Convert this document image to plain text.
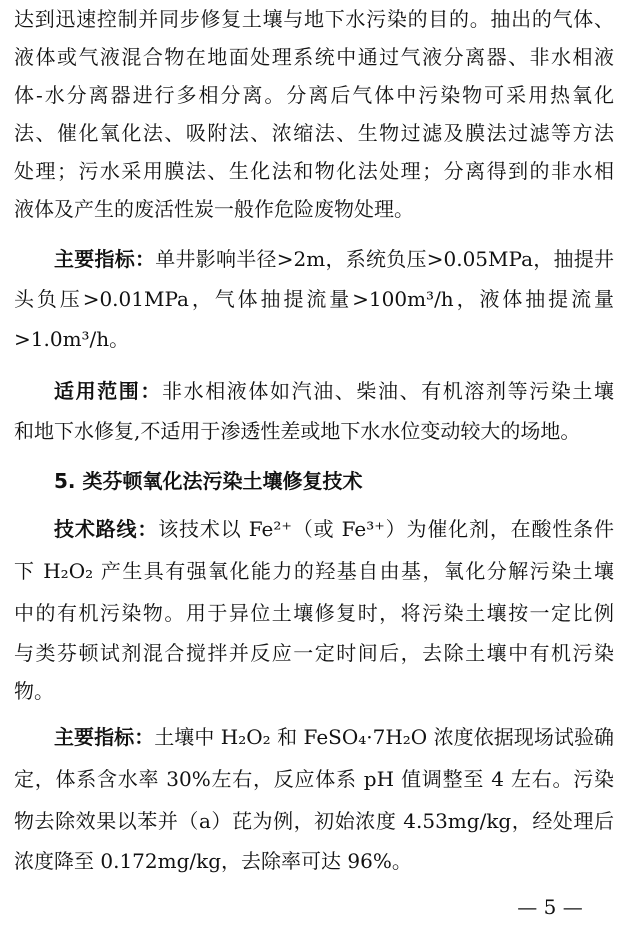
达到迅速控制并同步修复土壤与地下水污染的目的。抽出的气体、
液体或气液混合物在地面处理系统中通过气液分离器、非水相液
体-水分离器进行多相分离。分离后气体中污染物可采用热氧化
法、催化氧化法、吸附法、浓缩法、生物过滤及膜法过滤等方法
处理；污水采用膜法、生化法和物化法处理；分离得到的非水相
液体及产生的废活性炭一般作危险废物处理。
主要指标：单井影响半径>2m，系统负压>0.05MPa，抽提井
头负压>0.01MPa，气体抽提流量>100m³/h，液体抽提流量
>1.0m³/h。
适用范围：非水相液体如汽油、柴油、有机溶剂等污染土壤
和地下水修复,不适用于渗透性差或地下水水位变动较大的场地。
5. 类芬顿氧化法污染土壤修复技术
技术路线：该技术以 Fe²⁺（或 Fe³⁺）为催化剂，在酸性条件
下 H₂O₂ 产生具有强氧化能力的羟基自由基，氧化分解污染土壤
中的有机污染物。用于异位土壤修复时，将污染土壤按一定比例
与类芬顿试剂混合搅拌并反应一定时间后，去除土壤中有机污染
物。
主要指标：土壤中 H₂O₂ 和 FeSO₄·7H₂O 浓度依据现场试验确
定，体系含水率 30%左右，反应体系 pH 值调整至 4 左右。污染
物去除效果以苯并（a）芘为例，初始浓度 4.53mg/kg，经处理后
浓度降至 0.172mg/kg，去除率可达 96%。
— 5 —
